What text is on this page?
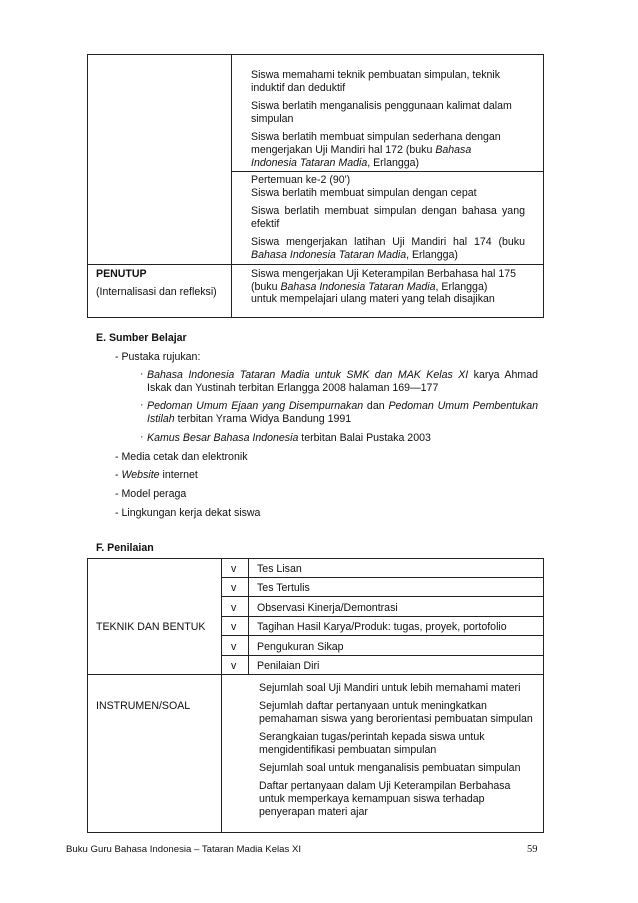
PENUTUP
(Internalisasi dan refleksi)
Siswa memahami teknik pembuatan simpulan, teknik
induktif dan deduktif
Siswa berlatih menganalisis penggunaan kalimat dalam
simpulan
Siswa berlatih membuat simpulan sederhana dengan
mengerjakan Uji Mandiri hal 172 (buku Bahasa
Indonesia Tataran Madia, Erlangga)
Pertemuan ke-2 (90')
Siswa berlatih membuat simpulan dengan cepat
Siswa berlatih membuat simpulan dengan bahasa yang
efektif
Siswa mengerjakan latihan Uji Mandiri hal 174 (buku
Bahasa Indonesia Tataran Madia, Erlangga)
Siswa mengerjakan Uji Keterampilan Berbahasa hal 175
(buku Bahasa Indonesia Tataran Madia, Erlangga)
untuk mempelajari ulang materi yang telah disajikan
E. Sumber Belajar
- Pustaka rujukan:
· Bahasa Indonesia Tataran Madia untuk SMK dan MAK Kelas XI karya Ahmad
Iskak dan Yustinah terbitan Erlangga 2008 halaman 169—177
· Pedoman Umum Ejaan yang Disempurnakan dan Pedoman Umum Pembentukan
Istilah terbitan Yrama Widya Bandung 1991
· Kamus Besar Bahasa Indonesia terbitan Balai Pustaka 2003
- Media cetak dan elektronik
- Website internet
- Model peraga
- Lingkungan kerja dekat siswa
F. Penilaian
TEKNIK DAN BENTUK
v Tes Lisan
v Tes Tertulis
v Observasi Kinerja/Demontrasi
v Tagihan Hasil Karya/Produk: tugas, proyek, portofolio
v Pengukuran Sikap
v Penilaian Diri
INSTRUMEN/SOAL
Sejumlah soal Uji Mandiri untuk lebih memahami materi
Sejumlah daftar pertanyaan untuk meningkatkan
pemahaman siswa yang berorientasi pembuatan simpulan
Serangkaian tugas/perintah kepada siswa untuk
mengidentifikasi pembuatan simpulan
Sejumlah soal untuk menganalisis pembuatan simpulan
Daftar pertanyaan dalam Uji Keterampilan Berbahasa
untuk memperkaya kemampuan siswa terhadap
penyerapan materi ajar
Buku Guru Bahasa Indonesia – Tataran Madia Kelas XI	59
